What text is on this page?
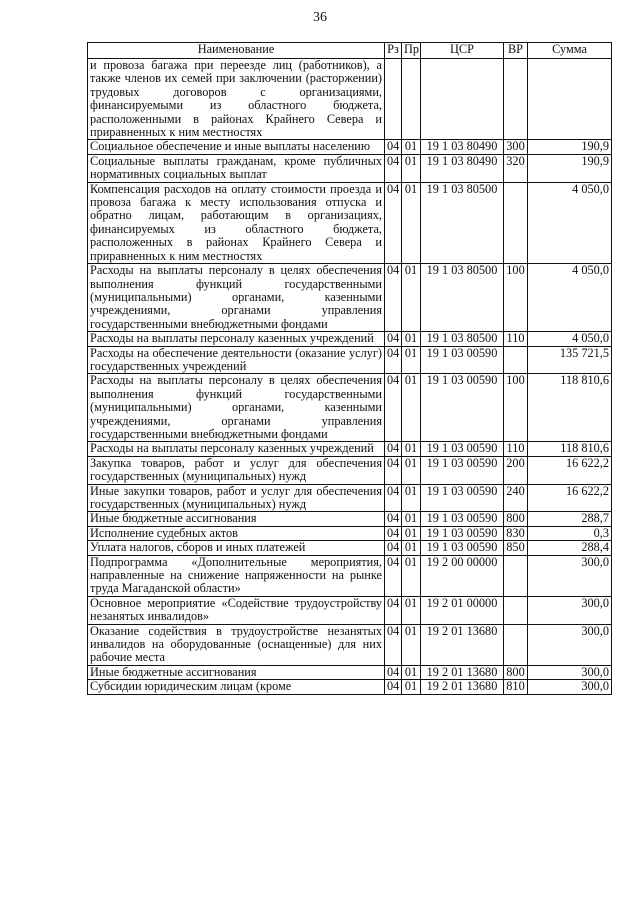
36
Наименование	Рз	Пр	ЦСР	ВР	Сумма
и провоза багажа при переезде лиц (работников), а также членов их семей при заключении (расторжении) трудовых договоров с организациями, финансируемыми из областного бюджета, расположенными в районах Крайнего Севера и приравненных к ним местностях					
Социальное обеспечение и иные выплаты населению	04	01	19 1 03 80490	300	190,9
Социальные выплаты гражданам, кроме публичных нормативных социальных выплат	04	01	19 1 03 80490	320	190,9
Компенсация расходов на оплату стоимости проезда и провоза багажа к месту использования отпуска и обратно лицам, работающим в организациях, финансируемых из областного бюджета, расположенных в районах Крайнего Севера и приравненных к ним местностях	04	01	19 1 03 80500		4 050,0
Расходы на выплаты персоналу в целях обеспечения выполнения функций государственными (муниципальными) органами, казенными учреждениями, органами управления государственными внебюджетными фондами	04	01	19 1 03 80500	100	4 050,0
Расходы на выплаты персоналу казенных учреждений	04	01	19 1 03 80500	110	4 050,0
Расходы на обеспечение деятельности (оказание услуг) государственных учреждений	04	01	19 1 03 00590		135 721,5
Расходы на выплаты персоналу в целях обеспечения выполнения функций государственными (муниципальными) органами, казенными учреждениями, органами управления государственными внебюджетными фондами	04	01	19 1 03 00590	100	118 810,6
Расходы на выплаты персоналу казенных учреждений	04	01	19 1 03 00590	110	118 810,6
Закупка товаров, работ и услуг для обеспечения государственных (муниципальных) нужд	04	01	19 1 03 00590	200	16 622,2
Иные закупки товаров, работ и услуг для обеспечения государственных (муниципальных) нужд	04	01	19 1 03 00590	240	16 622,2
Иные бюджетные ассигнования	04	01	19 1 03 00590	800	288,7
Исполнение судебных актов	04	01	19 1 03 00590	830	0,3
Уплата налогов, сборов и иных платежей	04	01	19 1 03 00590	850	288,4
Подпрограмма «Дополнительные мероприятия, направленные на снижение напряженности на рынке труда Магаданской области»	04	01	19 2 00 00000		300,0
Основное мероприятие «Содействие трудоустройству незанятых инвалидов»	04	01	19 2 01 00000		300,0
Оказание содействия в трудоустройстве незанятых инвалидов на оборудованные (оснащенные) для них рабочие места	04	01	19 2 01 13680		300,0
Иные бюджетные ассигнования	04	01	19 2 01 13680	800	300,0
Субсидии юридическим лицам (кроме	04	01	19 2 01 13680	810	300,0
